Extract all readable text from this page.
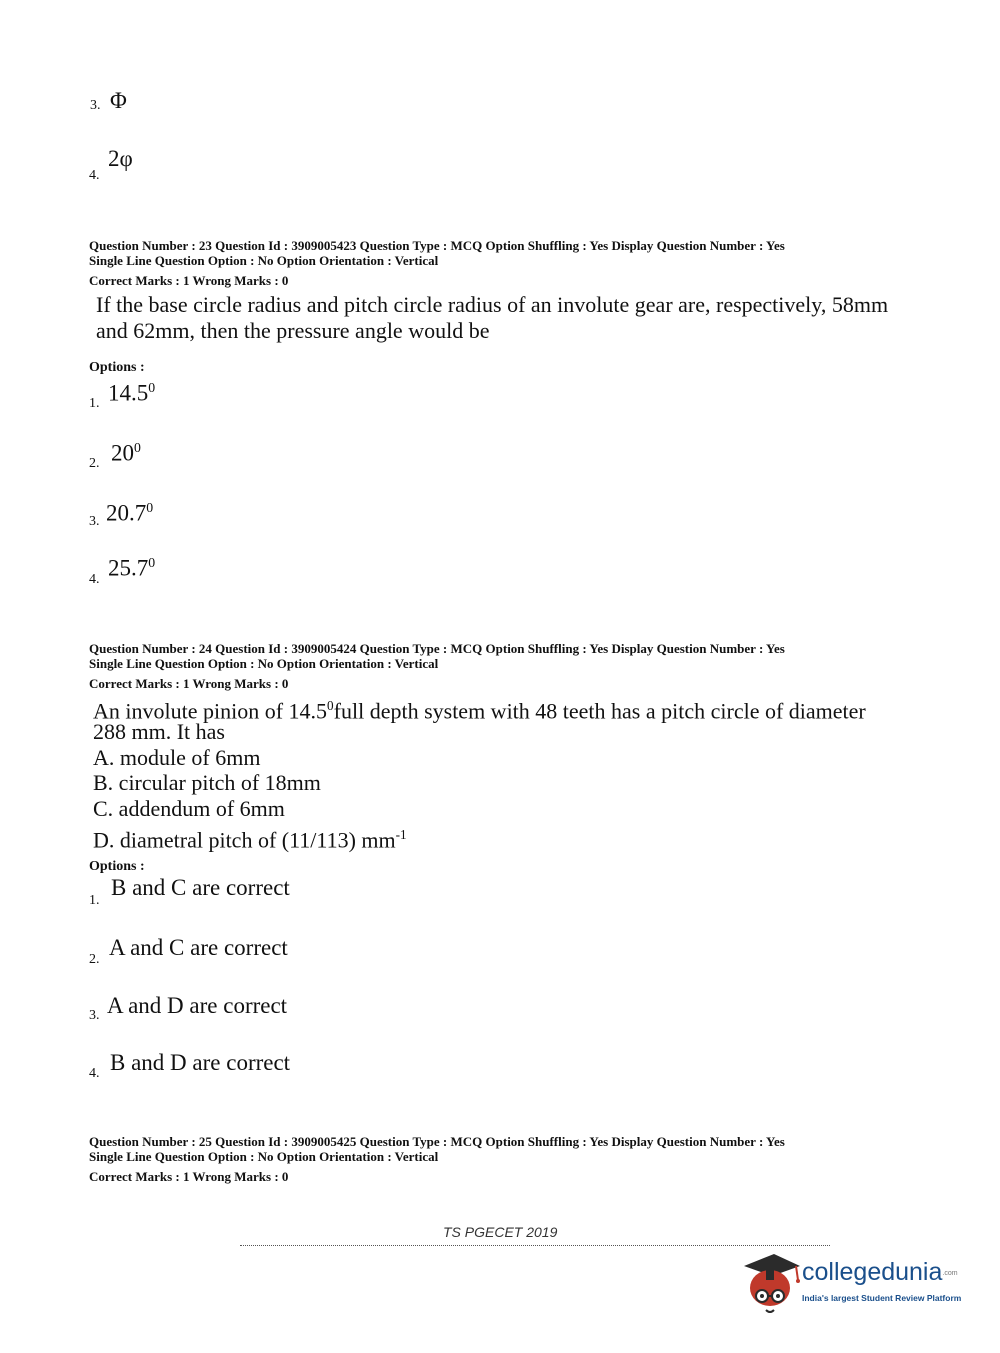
3. Φ
4.
2φ
Question Number : 23 Question Id : 3909005423 Question Type : MCQ Option Shuffling : Yes Display Question Number : Yes
Single Line Question Option : No Option Orientation : Vertical
Correct Marks : 1 Wrong Marks : 0
If the base circle radius and pitch circle radius of an involute gear are, respectively, 58mm
and 62mm, then the pressure angle would be
Options :
1. 14.5$^0$
2. $20^0$
3. 20.7$^0$
4. 25.7$^0$
Question Number : 24 Question Id : 3909005424 Question Type : MCQ Option Shuffling : Yes Display Question Number : Yes
Single Line Question Option : No Option Orientation : Vertical
Correct Marks : 1 Wrong Marks : 0
An involute pinion of 14.5$^0$full depth system with 48 teeth has a pitch circle of diameter
288 mm. It has
A. module of 6mm
B. circular pitch of 18mm
C. addendum of 6mm
D. diametral pitch of (11/113) $mm^{-1}$
Options :
1.
B and C are correct
2. A and C are correct
3. A and D are correct
4. B and D are correct
Question Number : 25 Question Id : 3909005425 Question Type : MCQ Option Shuffling : Yes Display Question Number : Yes
Single Line Question Option : No Option Orientation : Vertical
Correct Marks : 1 Wrong Marks : 0
TS PGECET 2019
collegedunia.com
India's largest Student Review Platform
